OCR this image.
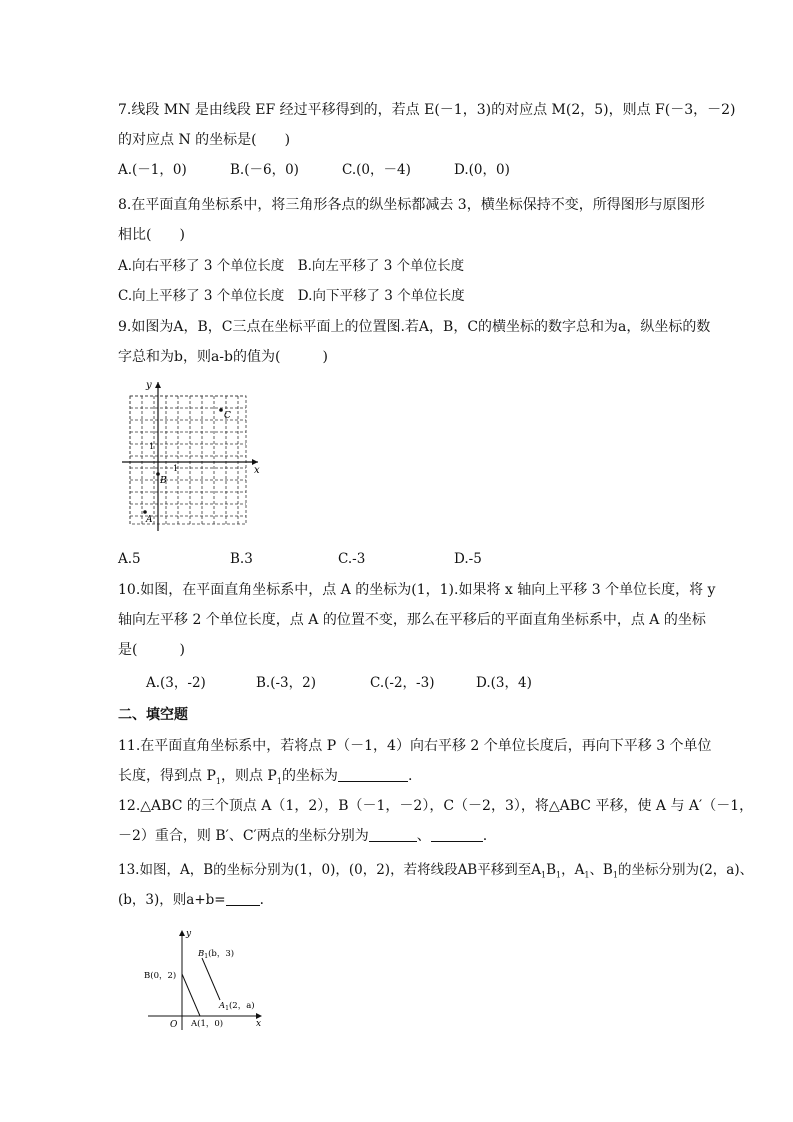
7.线段 MN 是由线段 EF 经过平移得到的，若点 E(－1，3)的对应点 M(2，5)，则点 F(－3，－2)
的对应点 N 的坐标是(　　)
A.(－1，0)	B.(－6，0)	C.(0，－4)	D.(0，0)
8.在平面直角坐标系中，将三角形各点的纵坐标都减去 3，横坐标保持不变，所得图形与原图形
相比(　　)
A.向右平移了 3 个单位长度　B.向左平移了 3 个单位长度
C.向上平移了 3 个单位长度　D.向下平移了 3 个单位长度
9.如图为A，B，C三点在坐标平面上的位置图.若A，B，C的横坐标的数字总和为a，纵坐标的数
字总和为b，则a-b的值为(　　　)
y
x
1
1
C
B
A
A.5	B.3	C.-3	D.-5
10.如图，在平面直角坐标系中，点 A 的坐标为(1，1).如果将 x 轴向上平移 3 个单位长度，将 y
轴向左平移 2 个单位长度，点 A 的位置不变，那么在平移后的平面直角坐标系中，点 A 的坐标
是(　　　)
A.(3，-2)	B.(-3，2)	C.(-2，-3)	D.(3，4)
二、填空题
11.在平面直角坐标系中，若将点 P（－1，4）向右平移 2 个单位长度后，再向下平移 3 个单位
长度，得到点 $P_1$，则点 $P_1$的坐标为	.
12.△ABC 的三个顶点 A（1，2），B（－1，－2），C（－2，3），将△ABC 平移，使 A 与 A′（－1，
－2）重合，则 B′、C′两点的坐标分别为	、	.
13.如图，A，B的坐标分别为(1，0)，(0，2)，若将线段AB平移到至$A_1B_1$，$A_1$、$B_1$的坐标分别为(2，a)、
(b，3)，则a+b=	.
y
x
O
B(0，2)
A(1，0)
$B_1(b$，3)
$A_1(2$，a)
